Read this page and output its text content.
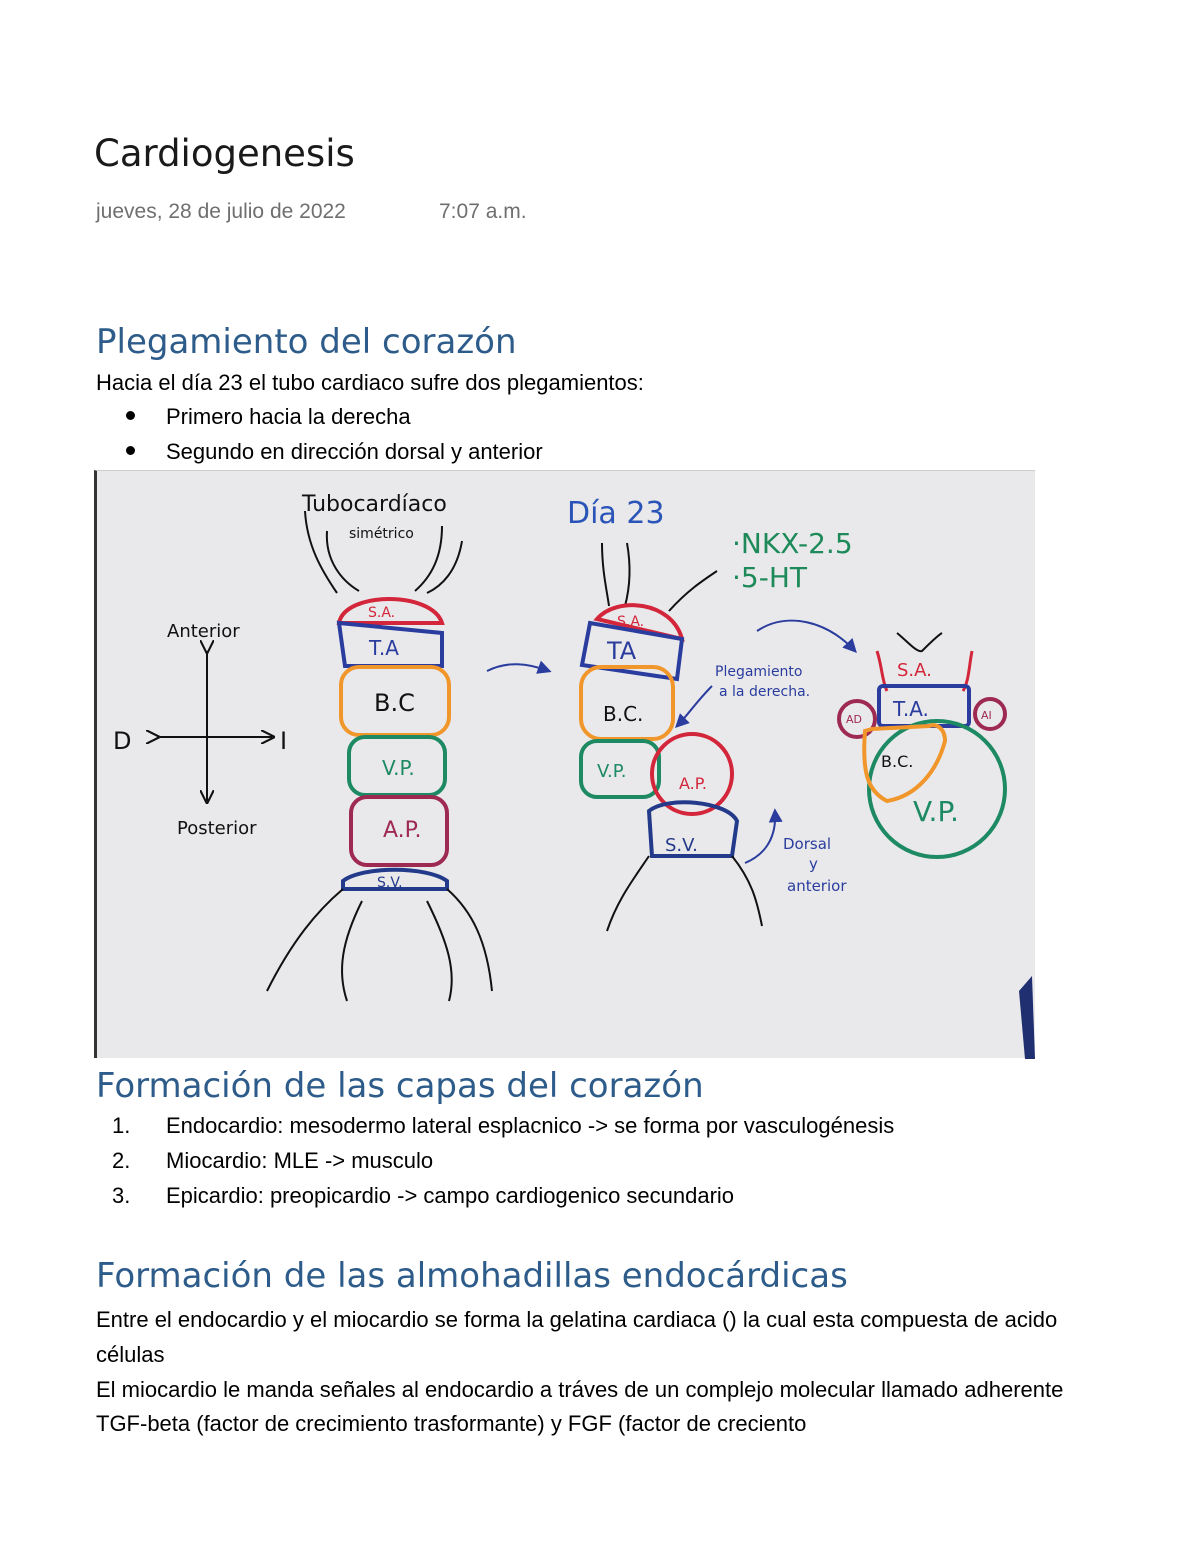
Cardiogenesis
jueves, 28 de julio de 2022	7:07 a.m.
Plegamiento del corazón

Hacia el día 23 el tubo cardiaco sufre dos plegamientos:

Primero hacia la derecha
Segundo en dirección dorsal y anterior
Tubocardíaco
simétrico
S.A.
T.A
B.C
V.P.
A.P.
S.V.
Anterior
Posterior
D	I
Día 23
·NKX-2.5
·5-HT
TA
S.A.
B.C.
V.P.
A.P.
S.V.
Plegamiento
a la derecha.
Dorsal
y
anterior
S.A.
T.A.
AD	AI
B.C.
V.P.
Formación de las capas del corazón
1. Endocardio: mesodermo lateral esplacnico -> se forma por vasculogénesis
2. Miocardio: MLE -> musculo
3. Epicardio: preopicardio -> campo cardiogenico secundario
Formación de las almohadillas endocárdicas

Entre el endocardio y el miocardio se forma la gelatina cardiaca () la cual esta compuesta de acido

células

El miocardio le manda señales al endocardio a tráves de un complejo molecular llamado adherente

TGF-beta (factor de crecimiento trasformante) y FGF (factor de creciento
